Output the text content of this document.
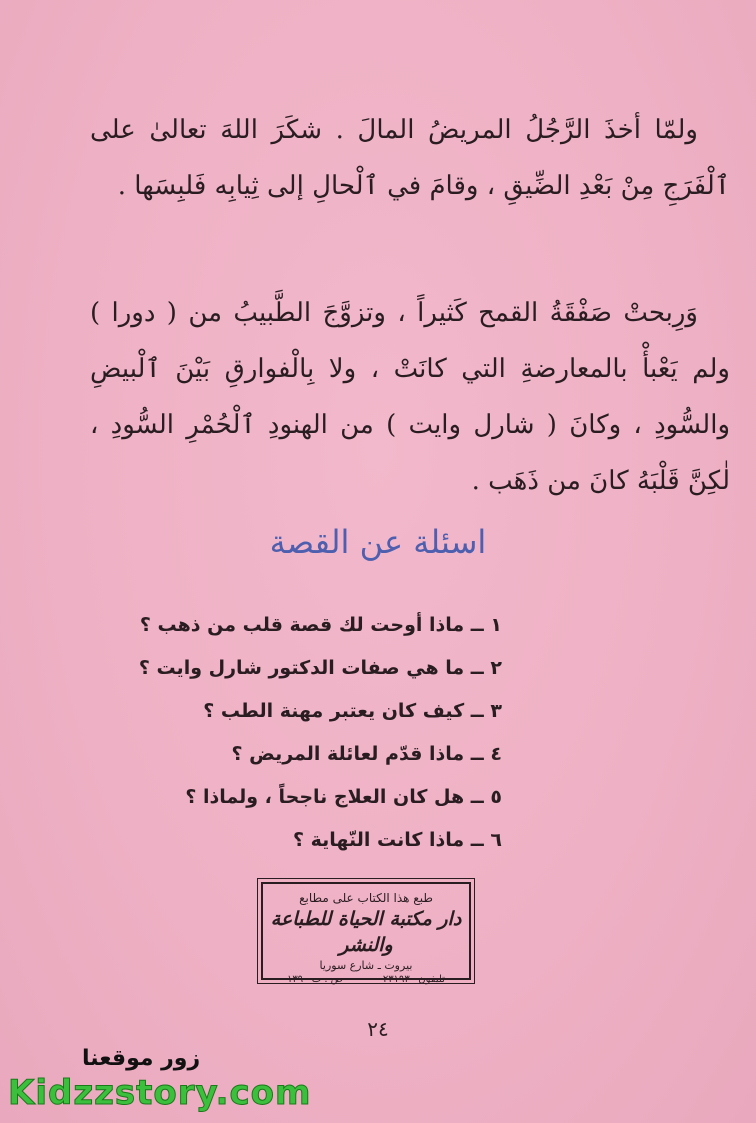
ولمّا أخذَ الرَّجُلُ المريضُ المالَ . شكَرَ اللهَ تعالىٰ على ٱلْفَرَجِ مِنْ بَعْدِ الضِّيقِ ، وقامَ في ٱلْحالِ إلى ثِيابِه فَلبِسَها .

وَرِبحتْ صَفْقَةُ القمح كَثيراً ، وتزوَّجَ الطَّبيبُ من ( دورا ) ولم يَعْبأْ بالمعارضةِ التي كانَتْ ، ولا بِالْفوارقِ بَيْنَ ٱلْبيضِ والسُّودِ ، وكانَ ( شارل وايت ) من الهنودِ ٱلْحُمْرِ السُّودِ ، لٰكِنَّ قَلْبَهُ كانَ من ذَهَب .

اسئلة عن القصة
١ ــ ماذا أوحت لك قصة قلب من ذهب ؟
٢ ــ ما هي صفات الدكتور شارل وايت ؟
٣ ــ كيف كان يعتبر مهنة الطب ؟
٤ ــ ماذا قدّم لعائلة المريض ؟
٥ ــ هل كان العلاج ناجحاً ، ولماذا ؟
٦ ــ ماذا كانت النّهاية ؟
طبع هذا الكتاب على مطابع
دار مكتبة الحياة للطباعة والنشر
بيروت ـ شارع سوريا
تليفون ٢٣١٩٣٠
ص . ب ١٣٩٠
٢٤
زور موقعنا
Kidzzstory.com
